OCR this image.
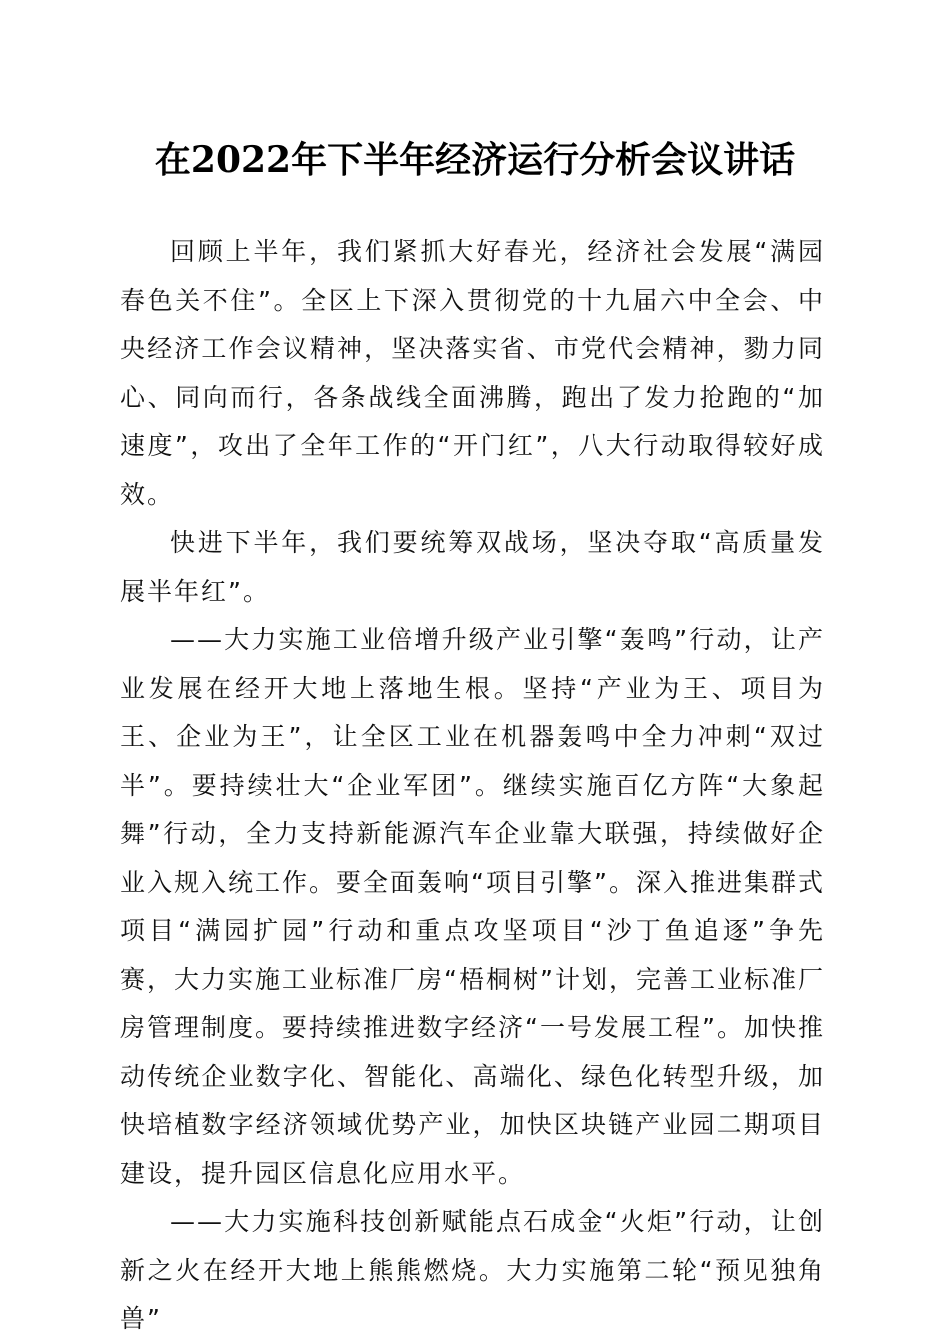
在2022年下半年经济运行分析会议讲话

回顾上半年，我们紧抓大好春光，经济社会发展“满园春色关不住”。全区上下深入贯彻党的十九届六中全会、中央经济工作会议精神，坚决落实省、市党代会精神，勠力同心、同向而行，各条战线全面沸腾，跑出了发力抢跑的“加速度”，攻出了全年工作的“开门红”，八大行动取得较好成效。

快进下半年，我们要统筹双战场，坚决夺取“高质量发展半年红”。

——大力实施工业倍增升级产业引擎“轰鸣”行动，让产业发展在经开大地上落地生根。坚持“产业为王、项目为王、企业为王”，让全区工业在机器轰鸣中全力冲刺“双过半”。要持续壮大“企业军团”。继续实施百亿方阵“大象起舞”行动，全力支持新能源汽车企业靠大联强，持续做好企业入规入统工作。要全面轰响“项目引擎”。深入推进集群式项目“满园扩园”行动和重点攻坚项目“沙丁鱼追逐”争先赛，大力实施工业标准厂房“梧桐树”计划，完善工业标准厂房管理制度。要持续推进数字经济“一号发展工程”。加快推动传统企业数字化、智能化、高端化、绿色化转型升级，加快培植数字经济领域优势产业，加快区块链产业园二期项目建设，提升园区信息化应用水平。

——大力实施科技创新赋能点石成金“火炬”行动，让创新之火在经开大地上熊熊燃烧。大力实施第二轮“预见独角兽”
